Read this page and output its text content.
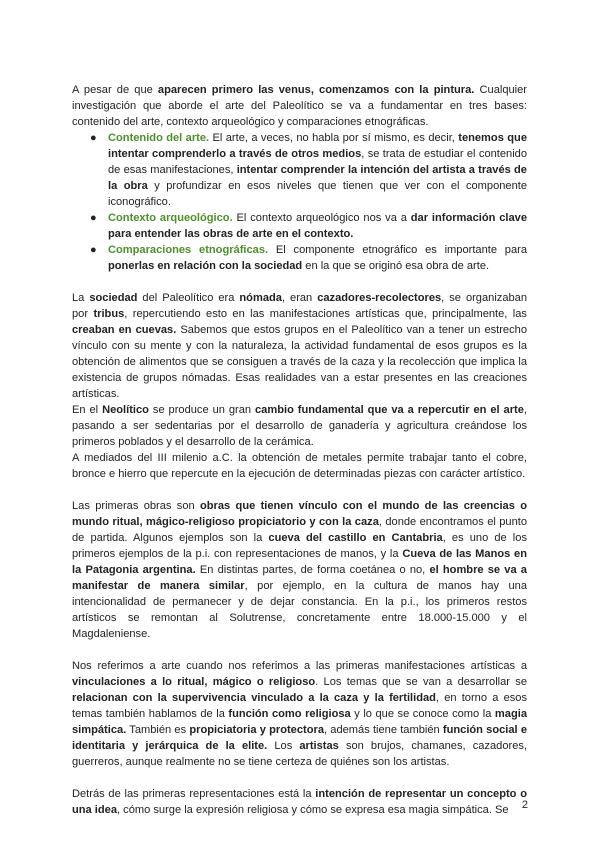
A pesar de que aparecen primero las venus, comenzamos con la pintura. Cualquier investigación que aborde el arte del Paleolítico se va a fundamentar en tres bases: contenido del arte, contexto arqueológico y comparaciones etnográficas.

● Contenido del arte. El arte, a veces, no habla por sí mismo, es decir, tenemos que intentar comprenderlo a través de otros medios, se trata de estudiar el contenido de esas manifestaciones, intentar comprender la intención del artista a través de la obra y profundizar en esos niveles que tienen que ver con el componente iconográfico.
● Contexto arqueológico. El contexto arqueológico nos va a dar información clave para entender las obras de arte en el contexto.
● Comparaciones etnográficas. El componente etnográfico es importante para ponerlas en relación con la sociedad en la que se originó esa obra de arte.

La sociedad del Paleolítico era nómada, eran cazadores-recolectores, se organizaban por tribus, repercutiendo esto en las manifestaciones artísticas que, principalmente, las creaban en cuevas. Sabemos que estos grupos en el Paleolítico van a tener un estrecho vínculo con su mente y con la naturaleza, la actividad fundamental de esos grupos es la obtención de alimentos que se consiguen a través de la caza y la recolección que implica la existencia de grupos nómadas. Esas realidades van a estar presentes en las creaciones artísticas.

En el Neolítico se produce un gran cambio fundamental que va a repercutir en el arte, pasando a ser sedentarias por el desarrollo de ganadería y agricultura creándose los primeros poblados y el desarrollo de la cerámica.

A mediados del III milenio a.C. la obtención de metales permite trabajar tanto el cobre, bronce e hierro que repercute en la ejecución de determinadas piezas con carácter artístico.

Las primeras obras son obras que tienen vínculo con el mundo de las creencias o mundo ritual, mágico-religioso propiciatorio y con la caza, donde encontramos el punto de partida. Algunos ejemplos son la cueva del castillo en Cantabria, es uno de los primeros ejemplos de la p.i. con representaciones de manos, y la Cueva de las Manos en la Patagonia argentina. En distintas partes, de forma coetánea o no, el hombre se va a manifestar de manera similar, por ejemplo, en la cultura de manos hay una intencionalidad de permanecer y de dejar constancia. En la p.i., los primeros restos artísticos se remontan al Solutrense, concretamente entre 18.000-15.000 y el Magdaleniense.

Nos referimos a arte cuando nos referimos a las primeras manifestaciones artísticas a vinculaciones a lo ritual, mágico o religioso. Los temas que se van a desarrollar se relacionan con la supervivencia vinculado a la caza y la fertilidad, en torno a esos temas también hablamos de la función como religiosa y lo que se conoce como la magia simpática. También es propiciatoria y protectora, además tiene también función social e identitaria y jerárquica de la elite. Los artistas son brujos, chamanes, cazadores, guerreros, aunque realmente no se tiene certeza de quiénes son los artistas.

Detrás de las primeras representaciones está la intención de representar un concepto o una idea, cómo surge la expresión religiosa y cómo se expresa esa magia simpática. Se	2
